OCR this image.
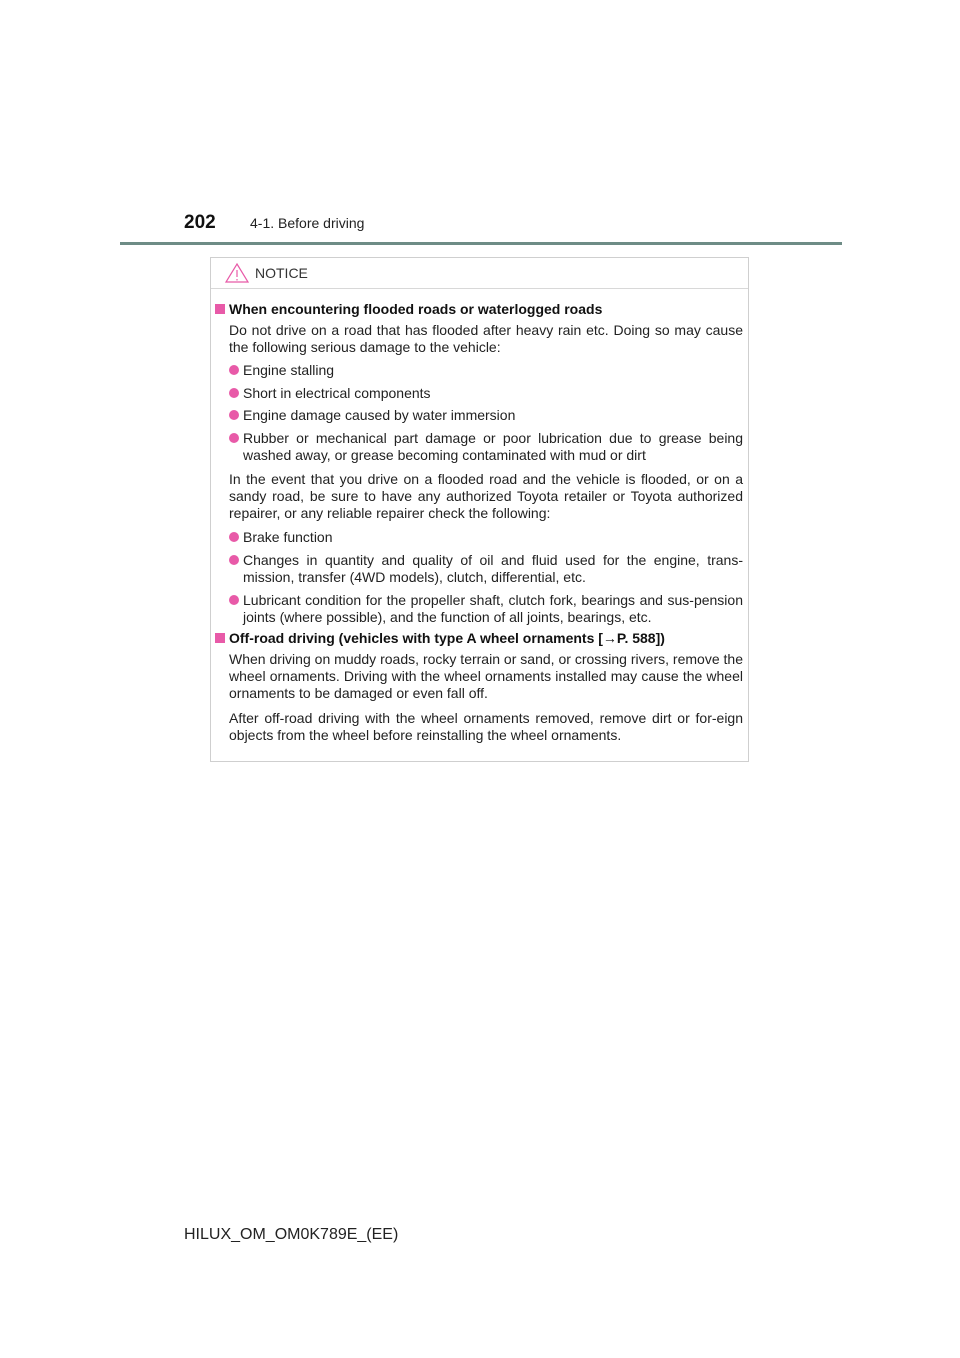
202	4-1. Before driving
NOTICE
When encountering flooded roads or waterlogged roads
Do not drive on a road that has flooded after heavy rain etc. Doing so may cause the following serious damage to the vehicle:
Engine stalling
Short in electrical components
Engine damage caused by water immersion
Rubber or mechanical part damage or poor lubrication due to grease being washed away, or grease becoming contaminated with mud or dirt
In the event that you drive on a flooded road and the vehicle is flooded, or on a sandy road, be sure to have any authorized Toyota retailer or Toyota authorized repairer, or any reliable repairer check the following:
Brake function
Changes in quantity and quality of oil and fluid used for the engine, trans-mission, transfer (4WD models), clutch, differential, etc.
Lubricant condition for the propeller shaft, clutch fork, bearings and sus-pension joints (where possible), and the function of all joints, bearings, etc.
Off-road driving (vehicles with type A wheel ornaments [→P. 588])
When driving on muddy roads, rocky terrain or sand, or crossing rivers, remove the wheel ornaments. Driving with the wheel ornaments installed may cause the wheel ornaments to be damaged or even fall off.
After off-road driving with the wheel ornaments removed, remove dirt or for-eign objects from the wheel before reinstalling the wheel ornaments.
HILUX_OM_OM0K789E_(EE)
